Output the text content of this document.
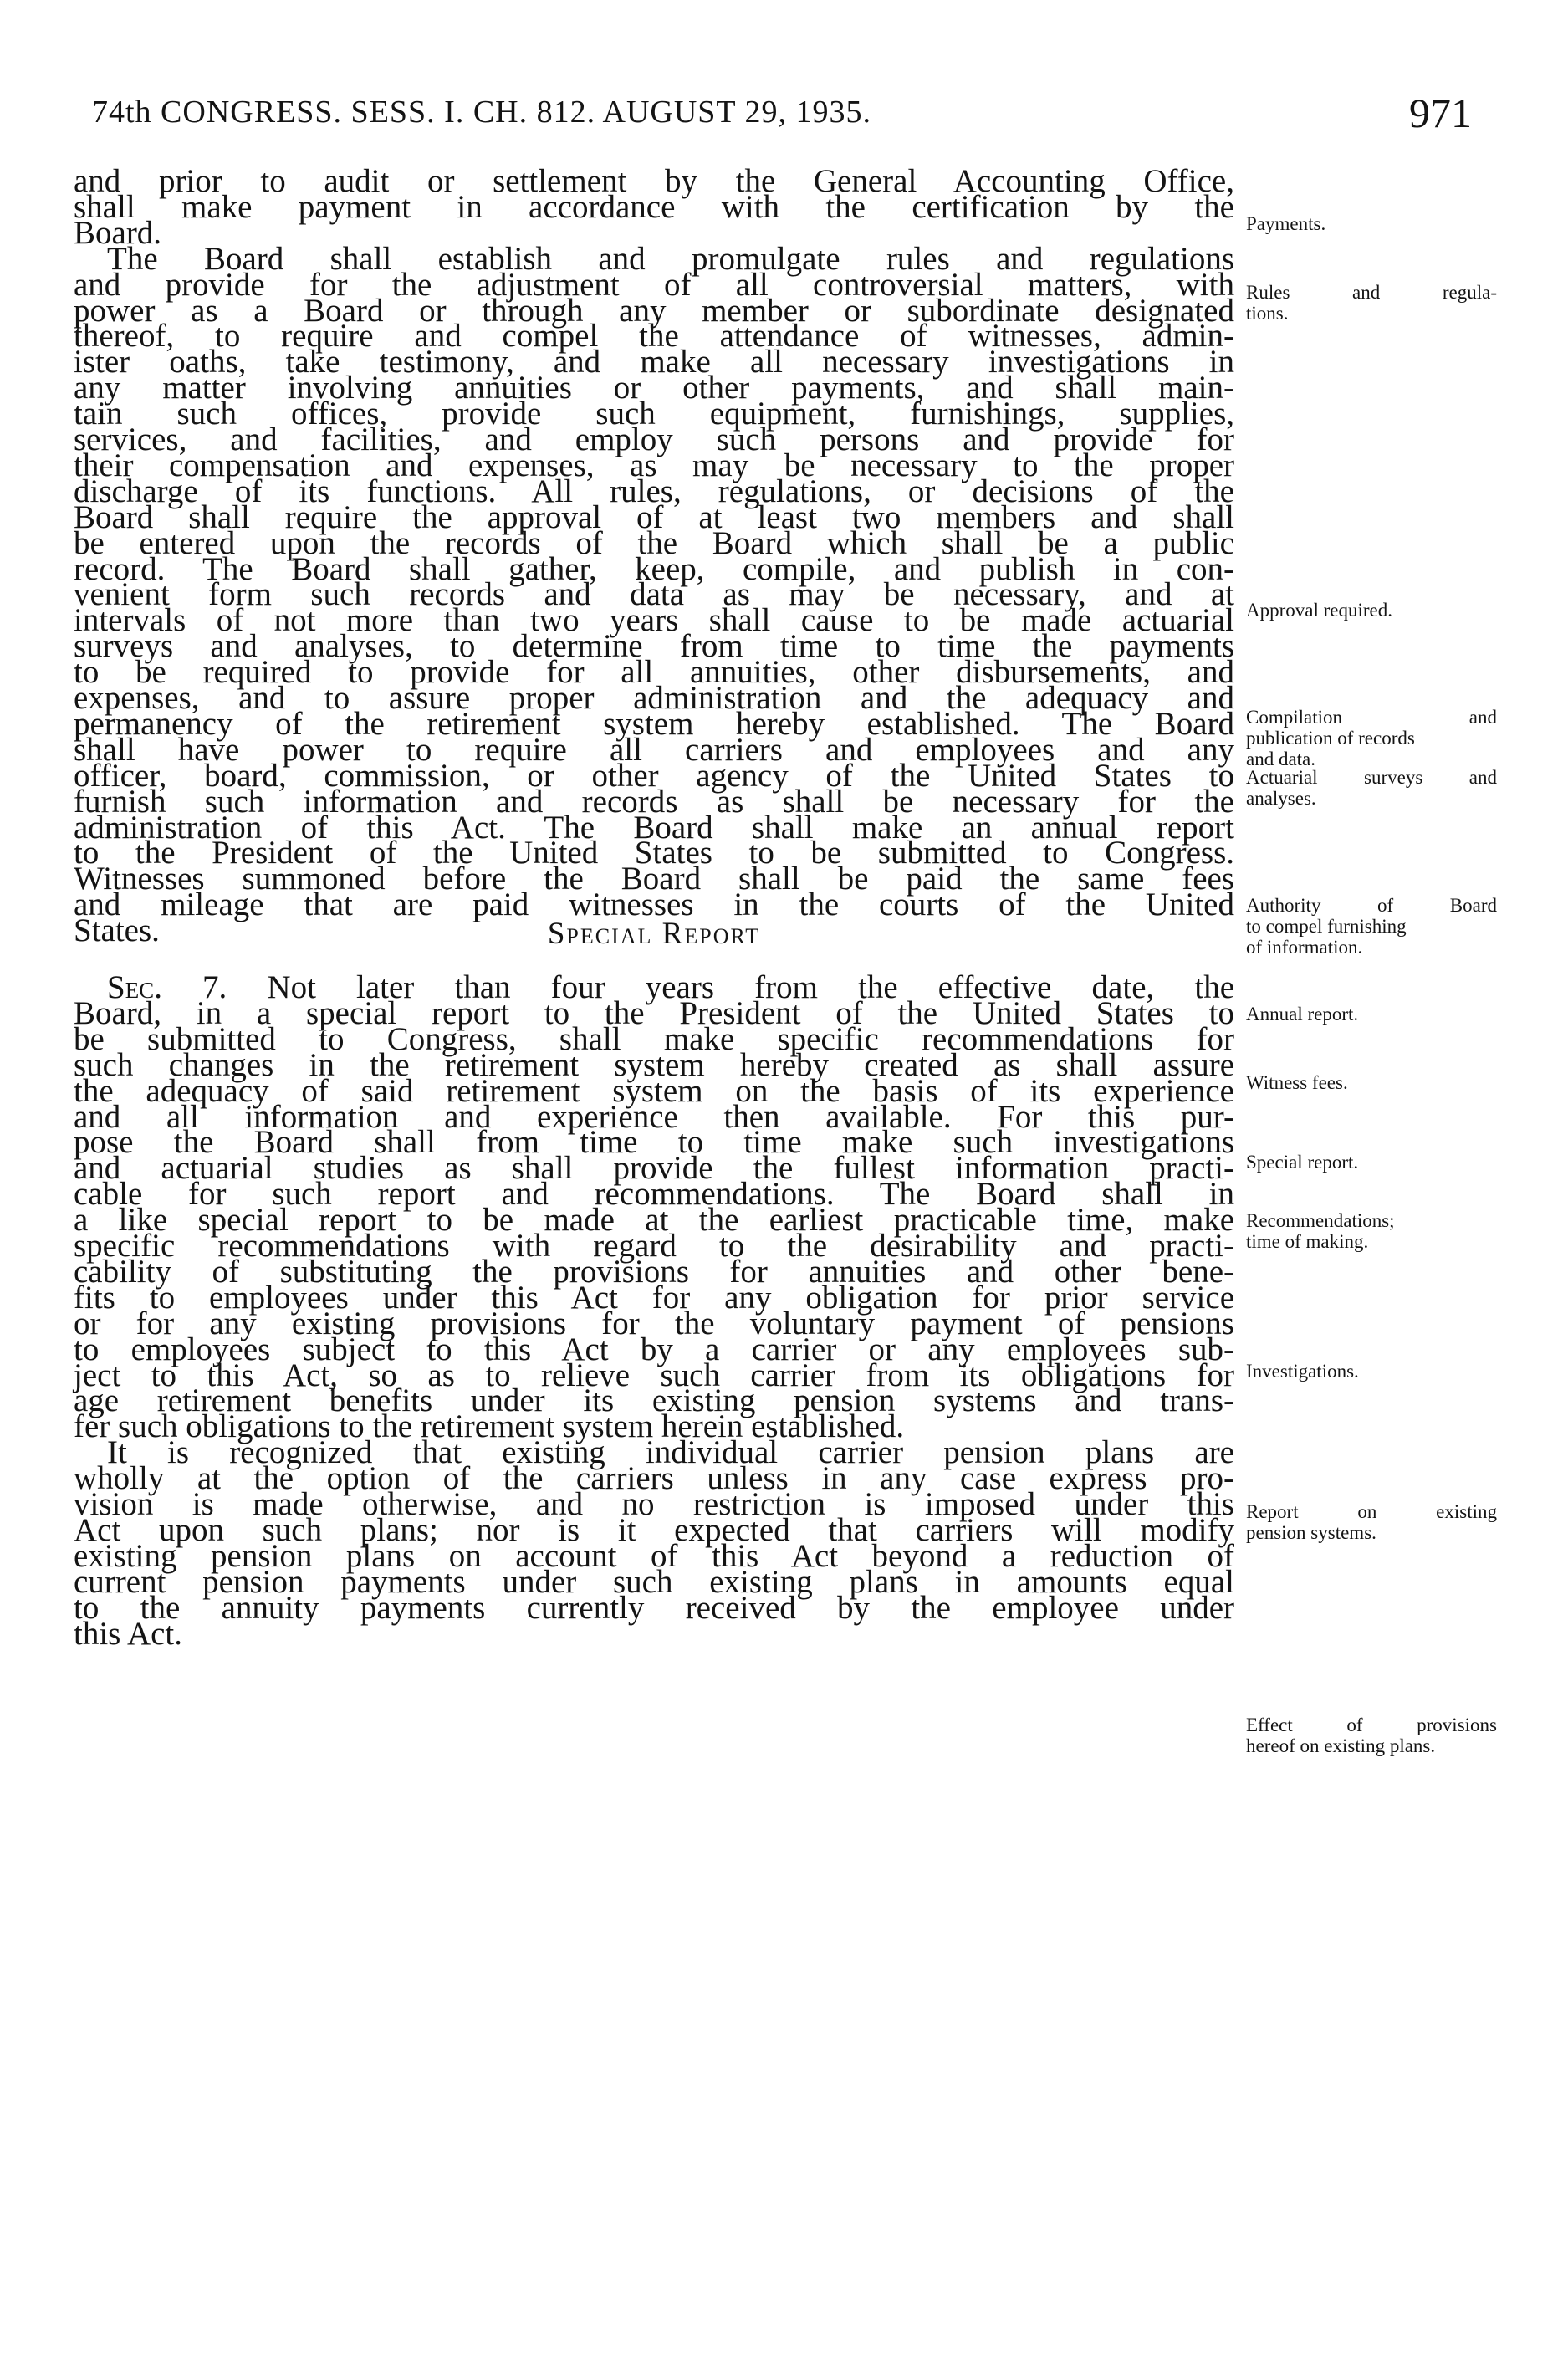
74th CONGRESS. SESS. I. CH. 812. AUGUST 29, 1935.	971
and prior to audit or settlement by the General Accounting Office,
shall make payment in accordance with the certification by the
Board.
The Board shall establish and promulgate rules and regulations
and provide for the adjustment of all controversial matters, with
power as a Board or through any member or subordinate designated
thereof, to require and compel the attendance of witnesses, admin-
ister oaths, take testimony, and make all necessary investigations in
any matter involving annuities or other payments, and shall main-
tain such offices, provide such equipment, furnishings, supplies,
services, and facilities, and employ such persons and provide for
their compensation and expenses, as may be necessary to the proper
discharge of its functions. All rules, regulations, or decisions of the
Board shall require the approval of at least two members and shall
be entered upon the records of the Board which shall be a public
record. The Board shall gather, keep, compile, and publish in con-
venient form such records and data as may be necessary, and at
intervals of not more than two years shall cause to be made actuarial
surveys and analyses, to determine from time to time the payments
to be required to provide for all annuities, other disbursements, and
expenses, and to assure proper administration and the adequacy and
permanency of the retirement system hereby established. The Board
shall have power to require all carriers and employees and any
officer, board, commission, or other agency of the United States to
furnish such information and records as shall be necessary for the
administration of this Act. The Board shall make an annual report
to the President of the United States to be submitted to Congress.
Witnesses summoned before the Board shall be paid the same fees
and mileage that are paid witnesses in the courts of the United
States.	Special Report
Sec. 7. Not later than four years from the effective date, the
Board, in a special report to the President of the United States to
be submitted to Congress, shall make specific recommendations for
such changes in the retirement system hereby created as shall assure
the adequacy of said retirement system on the basis of its experience
and all information and experience then available. For this pur-
pose the Board shall from time to time make such investigations
and actuarial studies as shall provide the fullest information practi-
cable for such report and recommendations. The Board shall in
a like special report to be made at the earliest practicable time, make
specific recommendations with regard to the desirability and practi-
cability of substituting the provisions for annuities and other bene-
fits to employees under this Act for any obligation for prior service
or for any existing provisions for the voluntary payment of pensions
to employees subject to this Act by a carrier or any employees sub-
ject to this Act, so as to relieve such carrier from its obligations for
age retirement benefits under its existing pension systems and trans-
fer such obligations to the retirement system herein established.
It is recognized that existing individual carrier pension plans are
wholly at the option of the carriers unless in any case express pro-
vision is made otherwise, and no restriction is imposed under this
Act upon such plans; nor is it expected that carriers will modify
existing pension plans on account of this Act beyond a reduction of
current pension payments under such existing plans in amounts equal
to the annuity payments currently received by the employee under
this Act.
Payments.
Rules and regula-
tions.
Approval required.
Compilation and
publication of records
and data.
Actuarial surveys and
analyses.
Authority of Board
to compel furnishing
of information.
Annual report.
Witness fees.
Special report.
Recommendations;
time of making.
Investigations.
Report on existing
pension systems.
Effect of provisions
hereof on existing plans.
